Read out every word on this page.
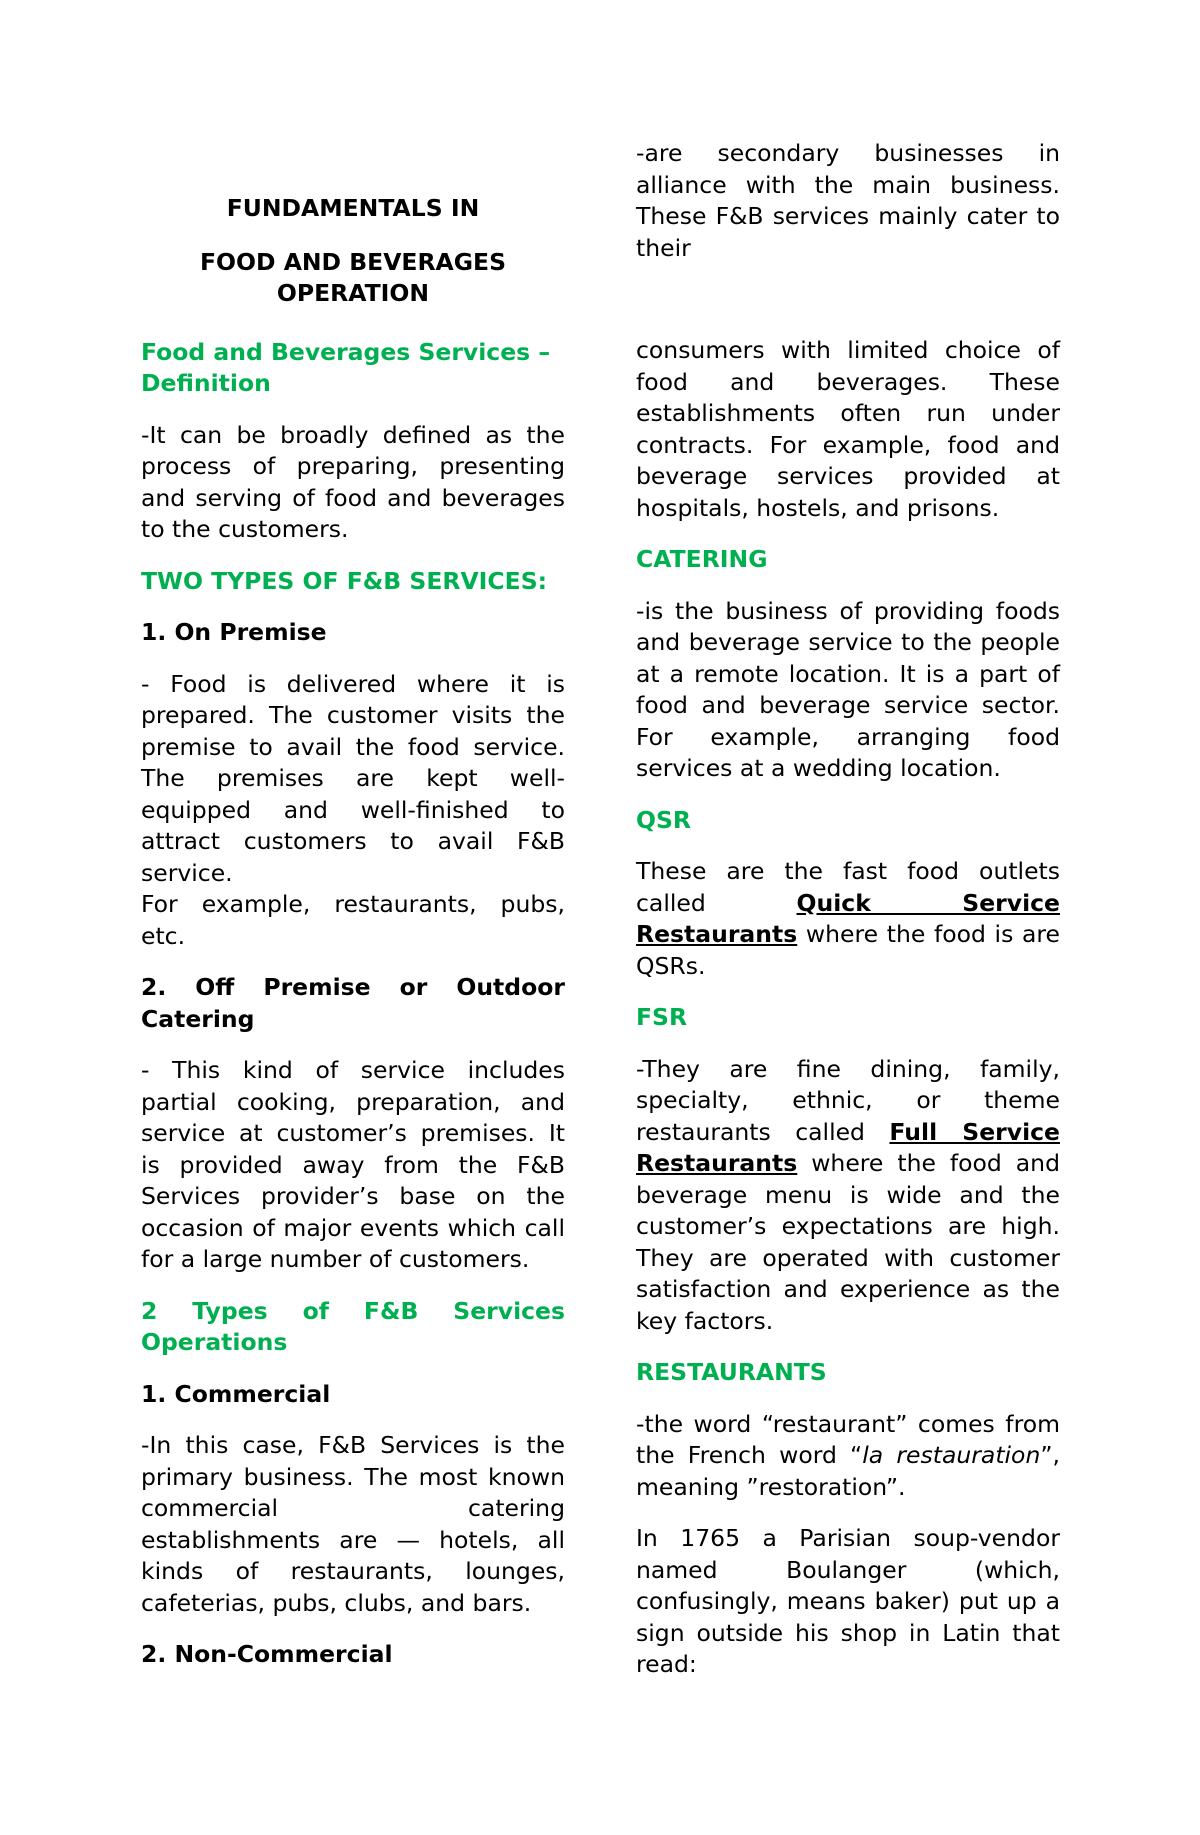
FUNDAMENTALS IN

FOOD AND BEVERAGES OPERATION

Food and Beverages Services – Definition

-It can be broadly defined as the process of preparing, presenting and serving of food and beverages to the customers.

TWO TYPES OF F&B SERVICES:

1. On Premise

- Food is delivered where it is prepared. The customer visits the premise to avail the food service. The premises are kept well-equipped and well-finished to attract customers to avail F&B service.

For example, restaurants, pubs, etc.

2. Off Premise or Outdoor Catering

- This kind of service includes partial cooking, preparation, and service at customer’s premises. It is provided away from the F&B Services provider’s base on the occasion of major events which call for a large number of customers.

2 Types of F&B Services Operations

1. Commercial

-In this case, F&B Services is the primary business. The most known commercial catering establishments are — hotels, all kinds of restaurants, lounges, cafeterias, pubs, clubs, and bars.

2. Non-Commercial

-are secondary businesses in alliance with the main business. These F&B services mainly cater to their

consumers with limited choice of food and beverages. These establishments often run under contracts. For example, food and beverage services provided at hospitals, hostels, and prisons.

CATERING

-is the business of providing foods and beverage service to the people at a remote location. It is a part of food and beverage service sector. For example, arranging food services at a wedding location.

QSR

These are the fast food outlets called Quick Service Restaurants where the food is are QSRs.

FSR

-They are fine dining, family, specialty, ethnic, or theme restaurants called Full Service Restaurants where the food and beverage menu is wide and the customer’s expectations are high. They are operated with customer satisfaction and experience as the key factors.

RESTAURANTS

-the word “restaurant” comes from the French word “la restauration”, meaning ”restoration”.

In 1765 a Parisian soup-vendor named Boulanger (which, confusingly, means baker) put up a sign outside his shop in Latin that read:
